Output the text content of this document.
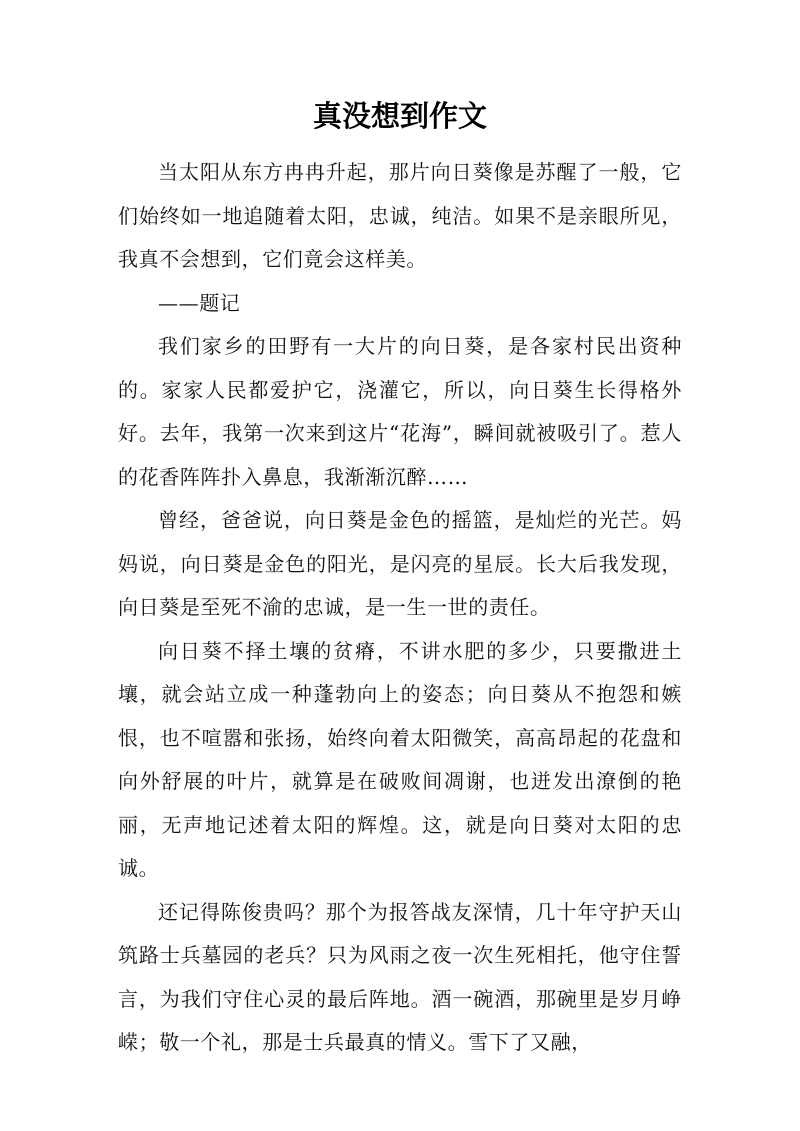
真没想到作文

当太阳从东方冉冉升起，那片向日葵像是苏醒了一般，它们始终如一地追随着太阳，忠诚，纯洁。如果不是亲眼所见，我真不会想到，它们竟会这样美。

——题记

我们家乡的田野有一大片的向日葵，是各家村民出资种的。家家人民都爱护它，浇灌它，所以，向日葵生长得格外好。去年，我第一次来到这片“花海”，瞬间就被吸引了。惹人的花香阵阵扑入鼻息，我渐渐沉醉……

曾经，爸爸说，向日葵是金色的摇篮，是灿烂的光芒。妈妈说，向日葵是金色的阳光，是闪亮的星辰。长大后我发现，向日葵是至死不渝的忠诚，是一生一世的责任。

向日葵不择土壤的贫瘠，不讲水肥的多少，只要撒进土壤，就会站立成一种蓬勃向上的姿态；向日葵从不抱怨和嫉恨，也不喧嚣和张扬，始终向着太阳微笑，高高昂起的花盘和向外舒展的叶片，就算是在破败间凋谢，也迸发出潦倒的艳丽，无声地记述着太阳的辉煌。这，就是向日葵对太阳的忠诚。

还记得陈俊贵吗？那个为报答战友深情，几十年守护天山筑路士兵墓园的老兵？只为风雨之夜一次生死相托，他守住誓言，为我们守住心灵的最后阵地。酒一碗酒，那碗里是岁月峥嵘；敬一个礼，那是士兵最真的情义。雪下了又融，
